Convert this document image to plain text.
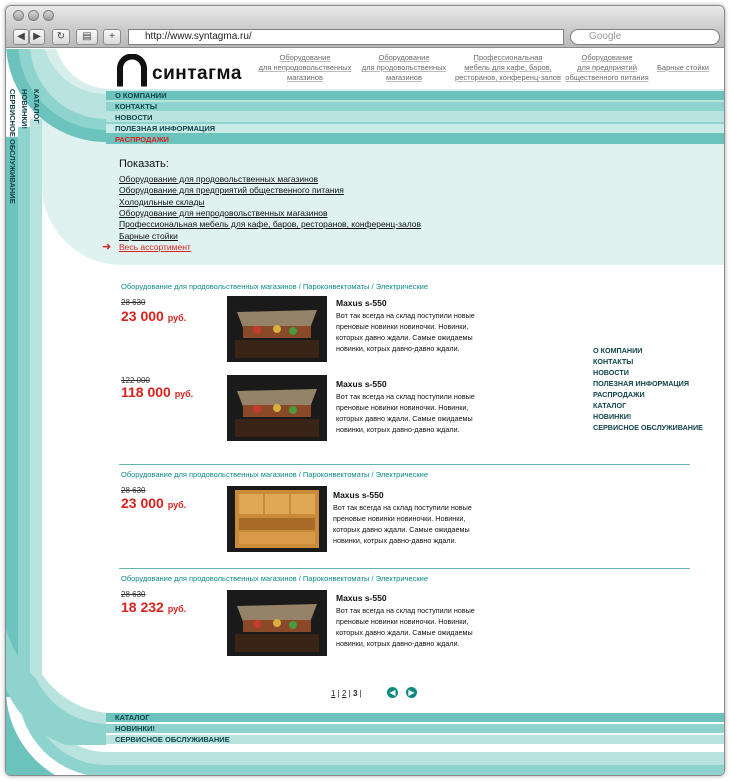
◀ ▶	↻	▤	+	http://www.syntagma.ru/	Google
синтагма
Оборудование
для непродовольственных
магазинов
Оборудование
для продовольственных
магазинов
Профессиональная
мебель для кафе, баров,
ресторанов, конференц-залов
Оборудование
для предприятий
общественного питания
Барные стойки
О КОМПАНИИ
КОНТАКТЫ
НОВОСТИ
ПОЛЕЗНАЯ ИНФОРМАЦИЯ
РАСПРОДАЖИ
КАТАЛОГ
НОВИНКИ!
СЕРВИСНОЕ ОБСЛУЖИВАНИЕ	Показать:
Оборудование для продовольственных магазинов
Оборудование для предприятий общественного питания
Холодильные склады
Оборудование для непродовольственных магазинов
Профессиональная мебель для кафе, баров, ресторанов, конференц-залов
Барные стойки
➜ Весь ассортимент
Оборудование для продовольственных магазинов / Пароконвектоматы / Электрические
28 630
23 000 руб.
Maxus s-550
Вот так всегда на склад поступили новые преновые новинки новиночки. Новинки, которых давно ждали. Самые ожидаемы новинки, котрых давно-давно ждали.
122 000
118 000 руб.
Maxus s-550
Вот так всегда на склад поступили новые преновые новинки новиночки. Новинки, которых давно ждали. Самые ожидаемы новинки, котрых давно-давно ждали.
Оборудование для продовольственных магазинов / Пароконвектоматы / Электрические
28 630
23 000 руб.
Maxus s-550
Вот так всегда на склад поступили новые преновые новинки новиночки. Новинки, которых давно ждали. Самые ожидаемы новинки, котрых давно-давно ждали.
Оборудование для продовольственных магазинов / Пароконвектоматы / Электрические
28 630
18 232 руб.
Maxus s-550
Вот так всегда на склад поступили новые преновые новинки новиночки. Новинки, которых давно ждали. Самые ожидаемы новинки, котрых давно-давно ждали.
О КОМПАНИИ
КОНТАКТЫ
НОВОСТИ
ПОЛЕЗНАЯ ИНФОРМАЦИЯ
РАСПРОДАЖИ
КАТАЛОГ
НОВИНКИ!
СЕРВИСНОЕ ОБСЛУЖИВАНИЕ
1 | 2 | 3 |	◀	▶
КАТАЛОГ
НОВИНКИ!
СЕРВИСНОЕ ОБСЛУЖИВАНИЕ
